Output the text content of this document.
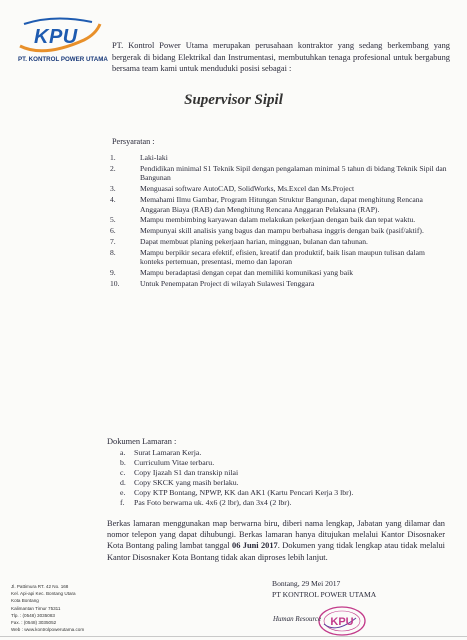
KPU
PT. KONTROL POWER UTAMA
PT. Kontrol Power Utama merupakan perusahaan kontraktor yang sedang berkembang yang bergerak di bidang Elektrikal dan Instrumentasi, membutuhkan tenaga profesional untuk bergabung bersama team kami untuk menduduki posisi sebagai :
Supervisor Sipil
Persyaratan :
1.	Laki-laki
2.	Pendidikan minimal S1 Teknik Sipil dengan pengalaman minimal 5 tahun di bidang Teknik Sipil dan Bangunan
3.	Menguasai software AutoCAD, SolidWorks, Ms.Excel dan Ms.Project
4.	Memahami Ilmu Gambar, Program Hitungan Struktur Bangunan, dapat menghitung Rencana Anggaran Biaya (RAB) dan Menghitung Rencana Anggaran Pelaksana (RAP).
5.	Mampu membimbing karyawan dalam melakukan pekerjaan dengan baik dan tepat waktu.
6.	Mempunyai skill analisis yang bagus dan mampu berbahasa inggris dengan baik (pasif/aktif).
7.	Dapat membuat planing pekerjaan harian, mingguan, bulanan dan tahunan.
8.	Mampu berpikir secara efektif, efisien, kreatif dan produktif, baik lisan maupun tulisan dalam konteks pertemuan, presentasi, memo dan laporan
9.	Mampu beradaptasi dengan cepat dan memiliki komunikasi yang baik
10.	Untuk Penempatan Project di wilayah Sulawesi Tenggara
Dokumen Lamaran :
a.	Surat Lamaran Kerja.
b.	Curriculum Vitae terbaru.
c.	Copy Ijazah S1 dan transkip nilai
d.	Copy SKCK yang masih berlaku.
e.	Copy KTP Bontang, NPWP, KK dan AK1 (Kartu Pencari Kerja 3 lbr).
f.	Pas Foto berwarna uk. 4x6 (2 lbr), dan 3x4 (2 lbr).
Berkas lamaran menggunakan map berwarna biru, diberi nama lengkap, Jabatan yang dilamar dan nomor telepon yang dapat dihubungi. Berkas lamaran hanya ditujukan melalui Kantor Disosnaker Kota Bontang paling lambat tanggal 06 Juni 2017. Dokumen yang tidak lengkap atau tidak melalui Kantor Disosnaker Kota Bontang tidak akan diproses lebih lanjut.
Bontang, 29 Mei 2017
PT KONTROL POWER UTAMA
KPU
Human Resource
Jl. Pattimura RT. 42 No. 168
Kel. Api-api Kec. Bontang Utara
Kota Bontang
Kalimantan Timur 75311
Tlp. : (0548) 3035083
Fax. : (0548) 3035052
Web : www.kontrolpowerutama.com
